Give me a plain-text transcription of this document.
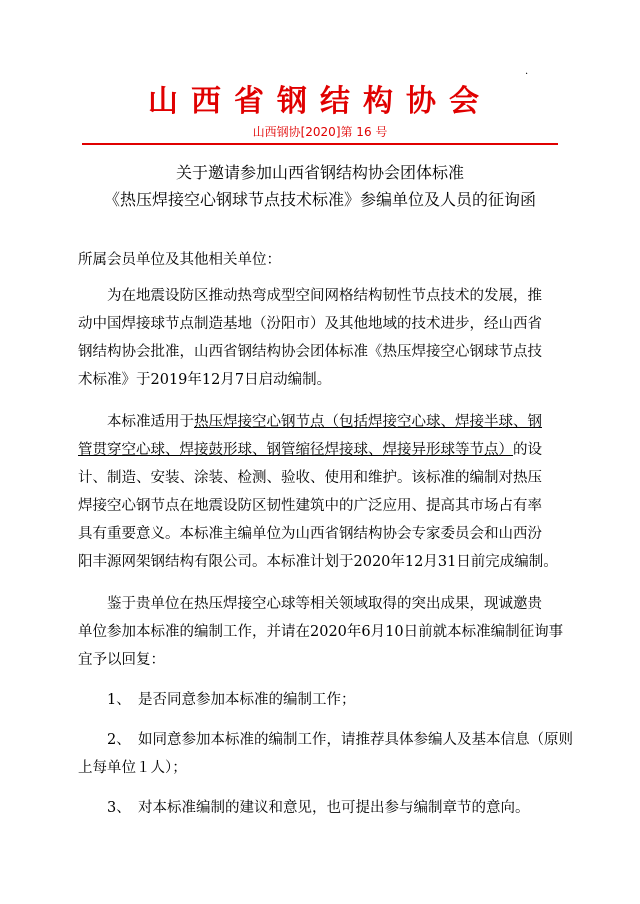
山西省钢结构协会
.
山西钢协[2020]第 16 号
关于邀请参加山西省钢结构协会团体标准
《热压焊接空心钢球节点技术标准》参编单位及人员的征询函

所属会员单位及其他相关单位：

　　为在地震设防区推动热弯成型空间网格结构韧性节点技术的发展，推

动中国焊接球节点制造基地（汾阳市）及其他地域的技术进步，经山西省

钢结构协会批准，山西省钢结构协会团体标准《热压焊接空心钢球节点技

术标准》于2019年12月7日启动编制。

　　本标准适用于热压焊接空心钢节点（包括焊接空心球、焊接半球、钢

管贯穿空心球、焊接鼓形球、钢管缩径焊接球、焊接异形球等节点）的设

计、制造、安装、涂装、检测、验收、使用和维护。该标准的编制对热压

焊接空心钢节点在地震设防区韧性建筑中的广泛应用、提高其市场占有率

具有重要意义。本标准主编单位为山西省钢结构协会专家委员会和山西汾

阳丰源网架钢结构有限公司。本标准计划于2020年12月31日前完成编制。

　　鉴于贵单位在热压焊接空心球等相关领域取得的突出成果，现诚邀贵

单位参加本标准的编制工作，并请在2020年6月10日前就本标准编制征询事

宜予以回复：

　　1、　是否同意参加本标准的编制工作；

　　2、　如同意参加本标准的编制工作，请推荐具体参编人及基本信息（原则

上每单位１人）；

　　3、　对本标准编制的建议和意见，也可提出参与编制章节的意向。
